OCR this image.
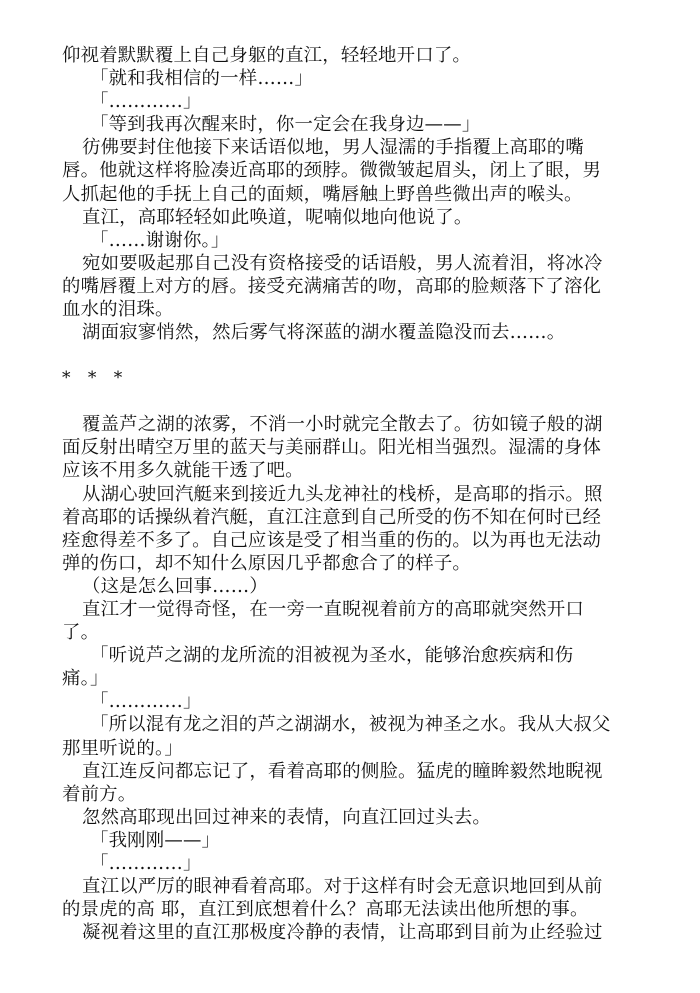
仰视着默默覆上自己身躯的直江，轻轻地开口了。
「就和我相信的一样……」
「…………」
「等到我再次醒来时，你一定会在我身边——」
彷佛要封住他接下来话语似地，男人湿濡的手指覆上高耶的嘴
唇。他就这样将脸凑近高耶的颈脖。微微皱起眉头，闭上了眼，男
人抓起他的手抚上自己的面颊，嘴唇触上野兽些微出声的喉头。
直江，高耶轻轻如此唤道，呢喃似地向他说了。
「……谢谢你。」
宛如要吸起那自己没有资格接受的话语般，男人流着泪，将冰冷
的嘴唇覆上对方的唇。接受充满痛苦的吻，高耶的脸颊落下了溶化
血水的泪珠。
湖面寂寥悄然，然后雾气将深蓝的湖水覆盖隐没而去……。
* * *
覆盖芦之湖的浓雾，不消一小时就完全散去了。彷如镜子般的湖
面反射出晴空万里的蓝天与美丽群山。阳光相当强烈。湿濡的身体
应该不用多久就能干透了吧。
从湖心驶回汽艇来到接近九头龙神社的栈桥，是高耶的指示。照
着高耶的话操纵着汽艇，直江注意到自己所受的伤不知在何时已经
痊愈得差不多了。自己应该是受了相当重的伤的。以为再也无法动
弹的伤口，却不知什么原因几乎都愈合了的样子。
（这是怎么回事……）
直江才一觉得奇怪，在一旁一直睨视着前方的高耶就突然开口
了。
「听说芦之湖的龙所流的泪被视为圣水，能够治愈疾病和伤
痛。」
「…………」
「所以混有龙之泪的芦之湖湖水，被视为神圣之水。我从大叔父
那里听说的。」
直江连反问都忘记了，看着高耶的侧脸。猛虎的瞳眸毅然地睨视
着前方。
忽然高耶现出回过神来的表情，向直江回过头去。
「我刚刚——」
「…………」
直江以严厉的眼神看着高耶。对于这样有时会无意识地回到从前
的景虎的高 耶，直江到底想着什么？高耶无法读出他所想的事。
凝视着这里的直江那极度冷静的表情，让高耶到目前为止经验过
